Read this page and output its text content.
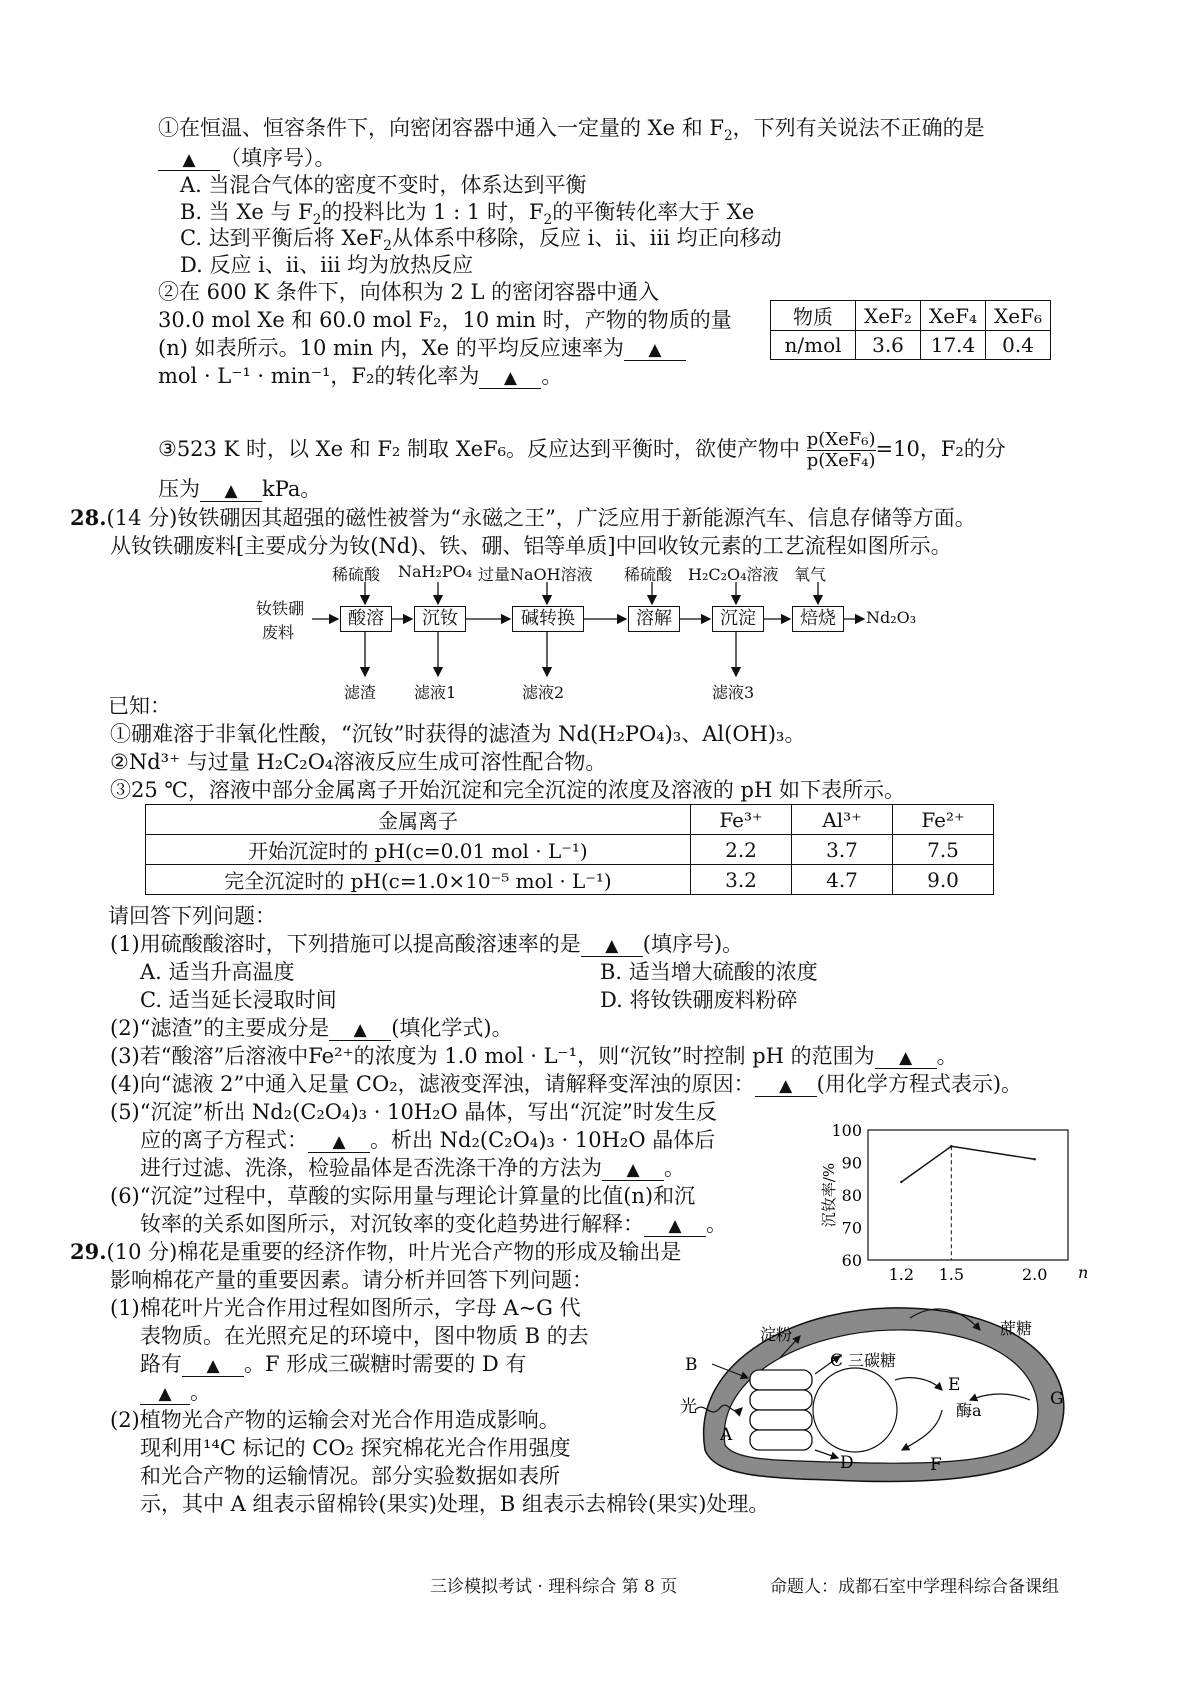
①在恒温、恒容条件下，向密闭容器中通入一定量的 Xe 和 $F_2$，下列有关说法不正确的是
▲ （填序号）。
A. 当混合气体的密度不变时，体系达到平衡
B. 当 Xe 与 $F_2$的投料比为 1 : 1 时，$F_2$的平衡转化率大于 Xe
C. 达到平衡后将 XeF$_2$从体系中移除，反应 i、ii、iii 均正向移动
D. 反应 i、ii、iii 均为放热反应
②在 600 K 条件下，向体积为 2 L 的密闭容器中通入
30.0 mol Xe 和 60.0 mol F₂，10 min 时，产物的物质的量
(n) 如表所示。10 min 内，Xe 的平均反应速率为 ▲
mol · L⁻¹ · min⁻¹，F₂的转化率为 ▲ 。
物质	XeF₂	XeF₄	XeF₆
n/mol	3.6	17.4	0.4
③523 K 时，以 Xe 和 F₂ 制取 XeF₆。反应达到平衡时，欲使产物中 p(XeF₆)
p(XeF₄) =10，F₂的分
压为 ▲ kPa。
28.(14 分)钕铁硼因其超强的磁性被誉为“永磁之王”，广泛应用于新能源汽车、信息存储等方面。
从钕铁硼废料[主要成分为钕(Nd)、铁、硼、铝等单质]中回收钕元素的工艺流程如图所示。
稀硫酸 NaH₂PO₄ 过量NaOH溶液 稀硫酸 H₂C₂O₄溶液 氧气
钕铁硼
废料
酸溶	沉钕	碱转换	溶解	沉淀	焙烧	Nd₂O₃
滤渣 滤液1	滤液2	滤液3
已知：
①硼难溶于非氧化性酸，“沉钕”时获得的滤渣为 Nd(H₂PO₄)₃、Al(OH)₃。
②Nd³⁺ 与过量 H₂C₂O₄溶液反应生成可溶性配合物。
③25 ℃，溶液中部分金属离子开始沉淀和完全沉淀的浓度及溶液的 pH 如下表所示。
金属离子	Fe³⁺	Al³⁺	Fe²⁺
开始沉淀时的 pH(c=0.01 mol · L⁻¹)	2.2	3.7	7.5
完全沉淀时的 pH(c=1.0×10⁻⁵ mol · L⁻¹)	3.2	4.7	9.0
请回答下列问题：
(1)用硫酸酸溶时，下列措施可以提高酸溶速率的是 ▲ (填序号)。
A. 适当升高温度	B. 适当增大硫酸的浓度
C. 适当延长浸取时间	D. 将钕铁硼废料粉碎
(2)“滤渣”的主要成分是 ▲ (填化学式)。
(3)若“酸溶”后溶液中Fe²⁺的浓度为 1.0 mol · L⁻¹，则“沉钕”时控制 pH 的范围为 ▲ 。
(4)向“滤液 2”中通入足量 CO₂，滤液变浑浊，请解释变浑浊的原因： ▲ (用化学方程式表示)。
(5)“沉淀”析出 Nd₂(C₂O₄)₃ · 10H₂O 晶体，写出“沉淀”时发生反
应的离子方程式： ▲ 。析出 Nd₂(C₂O₄)₃ · 10H₂O 晶体后
进行过滤、洗涤，检验晶体是否洗涤干净的方法为 ▲ 。
(6)“沉淀”过程中，草酸的实际用量与理论计算量的比值(n)和沉
钕率的关系如图所示，对沉钕率的变化趋势进行解释： ▲ 。
60
70
80
90
100
1.2 1.5	2.0 n
沉钕率/%
29.(10 分)棉花是重要的经济作物，叶片光合产物的形成及输出是
影响棉花产量的重要因素。请分析并回答下列问题：
(1)棉花叶片光合作用过程如图所示，字母 A~G 代
表物质。在光照充足的环境中，图中物质 B 的去
路有 ▲ 。F 形成三碳糖时需要的 D 有
▲ 。
(2)植物光合产物的运输会对光合作用造成影响。
现利用¹⁴C 标记的 CO₂ 探究棉花光合作用强度
和光合产物的运输情况。部分实验数据如表所
示，其中 A 组表示留棉铃(果实)处理，B 组表示去棉铃(果实)处理。
B
光
A
淀粉
C 三碳糖
D
E
酶a
F
G
蔗糖
三诊模拟考试 · 理科综合 第 8 页	命题人：成都石室中学理科综合备课组
